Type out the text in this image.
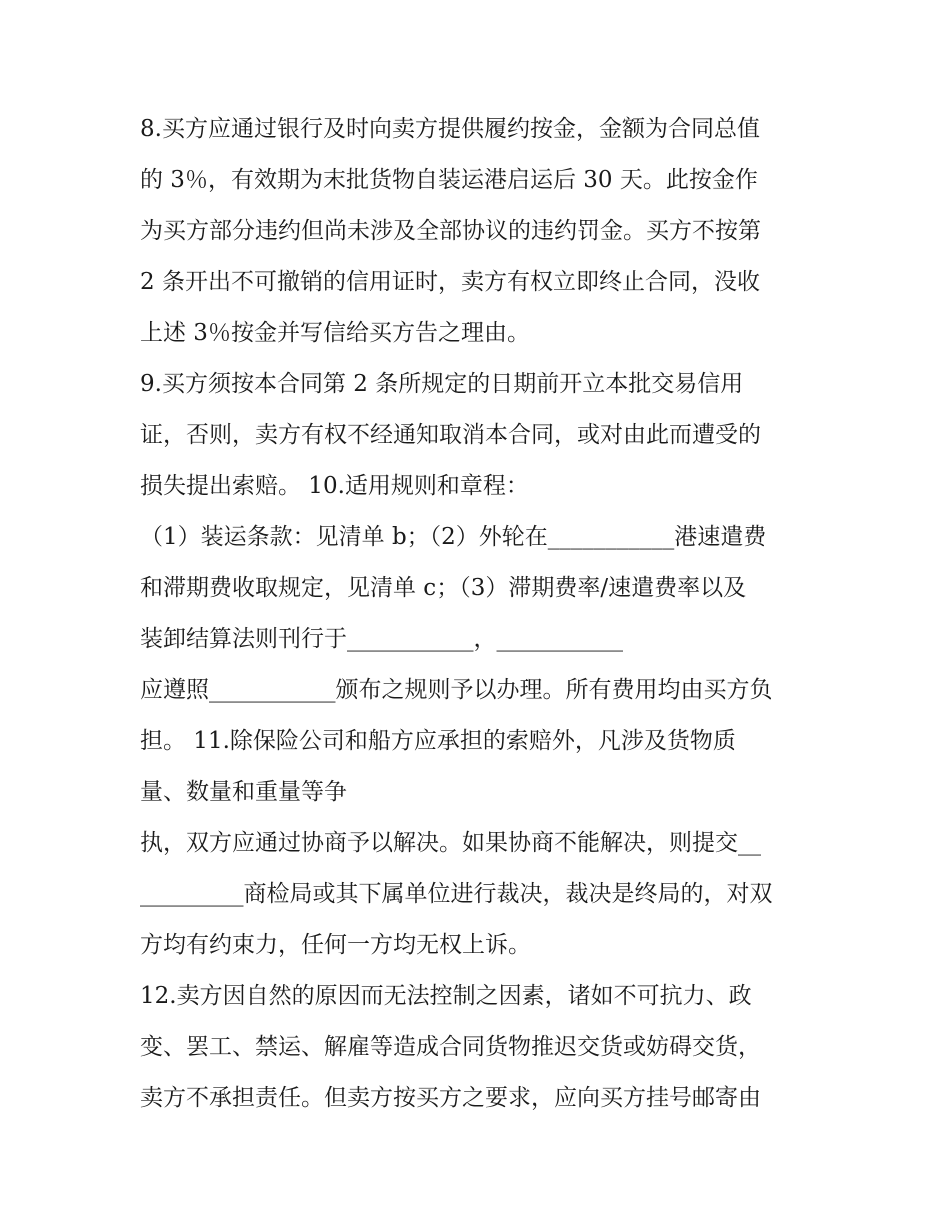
8.买方应通过银行及时向卖方提供履约按金，金额为合同总值
的 3％，有效期为末批货物自装运港启运后 30 天。此按金作
为买方部分违约但尚未涉及全部协议的违约罚金。买方不按第
2 条开出不可撤销的信用证时，卖方有权立即终止合同，没收
上述 3％按金并写信给买方告之理由。
9.买方须按本合同第 2 条所规定的日期前开立本批交易信用
证，否则，卖方有权不经通知取消本合同，或对由此而遭受的
损失提出索赔。 10.适用规则和章程：
（1）装运条款：见清单 b；（2）外轮在___________港速遣费
和滞期费收取规定，见清单 c；（3）滞期费率/速遣费率以及
装卸结算法则刊行于___________，___________
应遵照___________颁布之规则予以办理。所有费用均由买方负
担。 11.除保险公司和船方应承担的索赔外，凡涉及货物质
量、数量和重量等争
执，双方应通过协商予以解决。如果协商不能解决，则提交__
_________商检局或其下属单位进行裁决，裁决是终局的，对双
方均有约束力，任何一方均无权上诉。
12.卖方因自然的原因而无法控制之因素，诸如不可抗力、政
变、罢工、禁运、解雇等造成合同货物推迟交货或妨碍交货，
卖方不承担责任。但卖方按买方之要求，应向买方挂号邮寄由
